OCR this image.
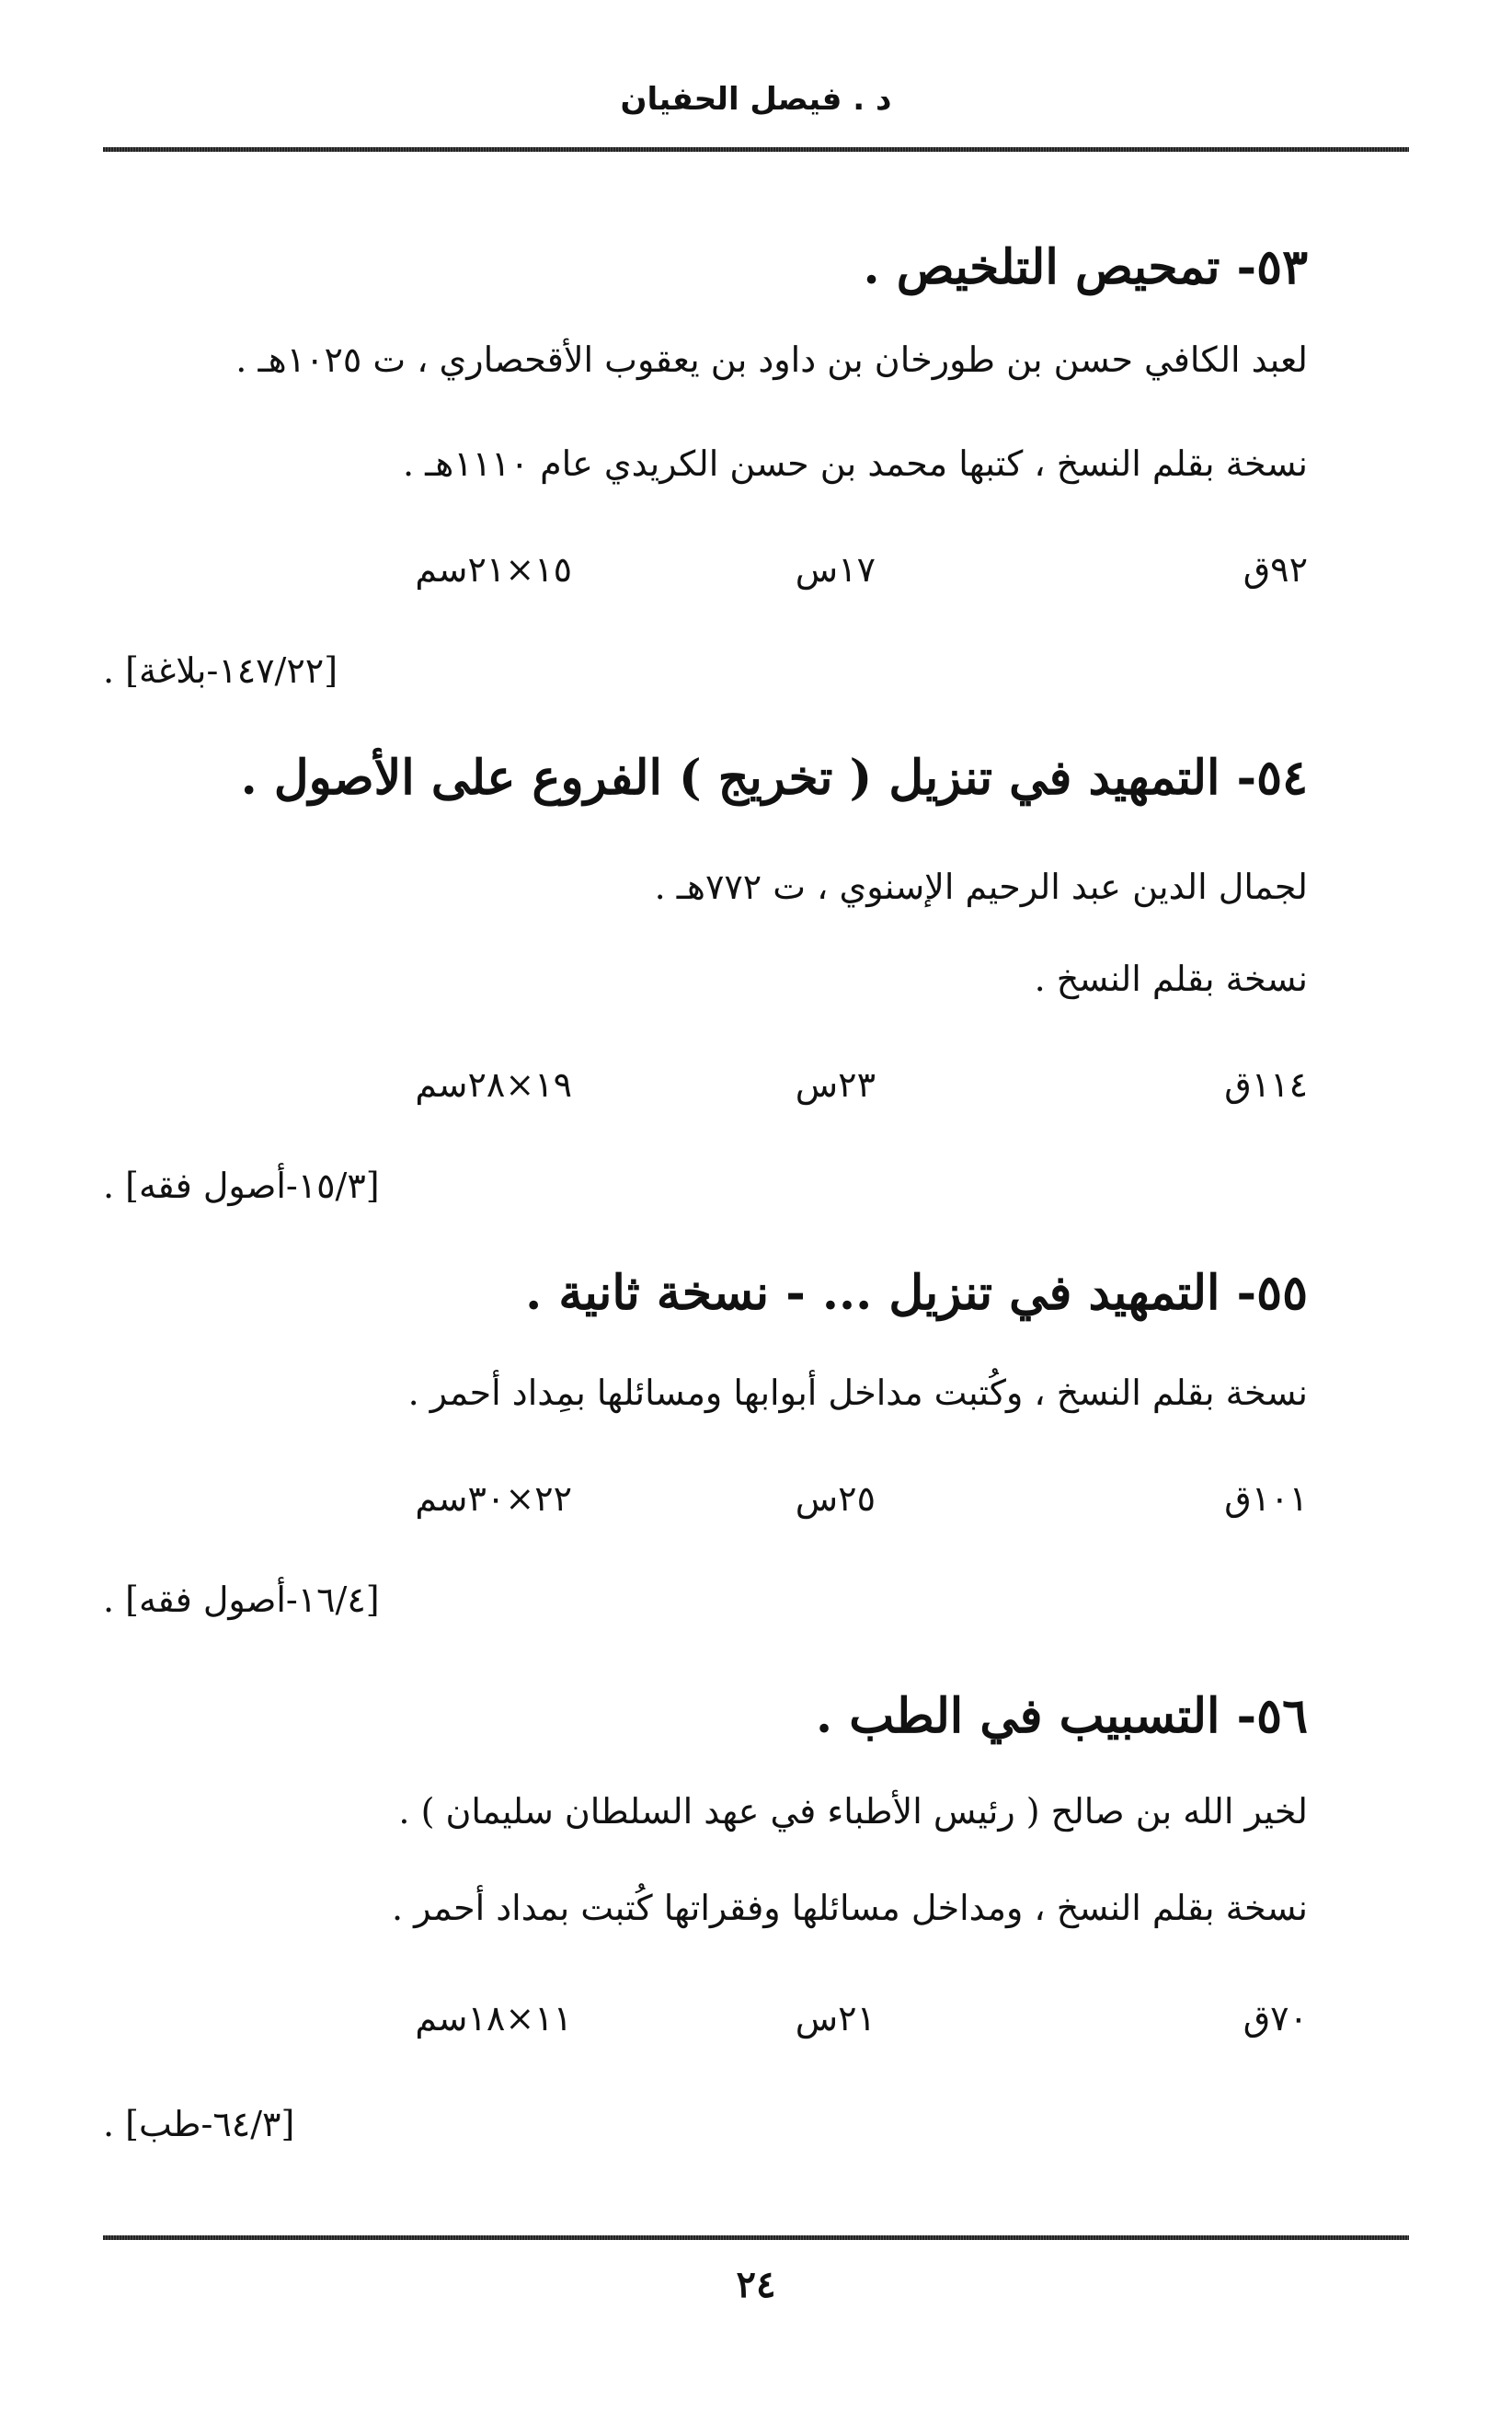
د . فيصل الحفيان
٥٣- تمحيص التلخيص .
لعبد الكافي حسن بن طورخان بن داود بن يعقوب الأقحصاري ، ت ١٠٢٥هـ .
نسخة بقلم النسخ ، كتبها محمد بن حسن الكريدي عام ١١١٠هـ .
٩٢ق
١٧س
١٥×٢١سم
[١٤٧/٢٢-بلاغة] .
٥٤- التمهيد في تنزيل ( تخريج ) الفروع على الأصول .
لجمال الدين عبد الرحيم الإسنوي ، ت ٧٧٢هـ .
نسخة بقلم النسخ .
١١٤ق
٢٣س
١٩×٢٨سم
[١٥/٣-أصول فقه] .
٥٥- التمهيد في تنزيل ... - نسخة ثانية .
نسخة بقلم النسخ ، وكُتبت مداخل أبوابها ومسائلها بمِداد أحمر .
١٠١ق
٢٥س
٢٢×٣٠سم
[١٦/٤-أصول فقه] .
٥٦- التسبيب في الطب .
لخير الله بن صالح ( رئيس الأطباء في عهد السلطان سليمان ) .
نسخة بقلم النسخ ، ومداخل مسائلها وفقراتها كُتبت بمداد أحمر .
٧٠ق
٢١س
١١×١٨سم
[٦٤/٣-طب] .
٢٤
